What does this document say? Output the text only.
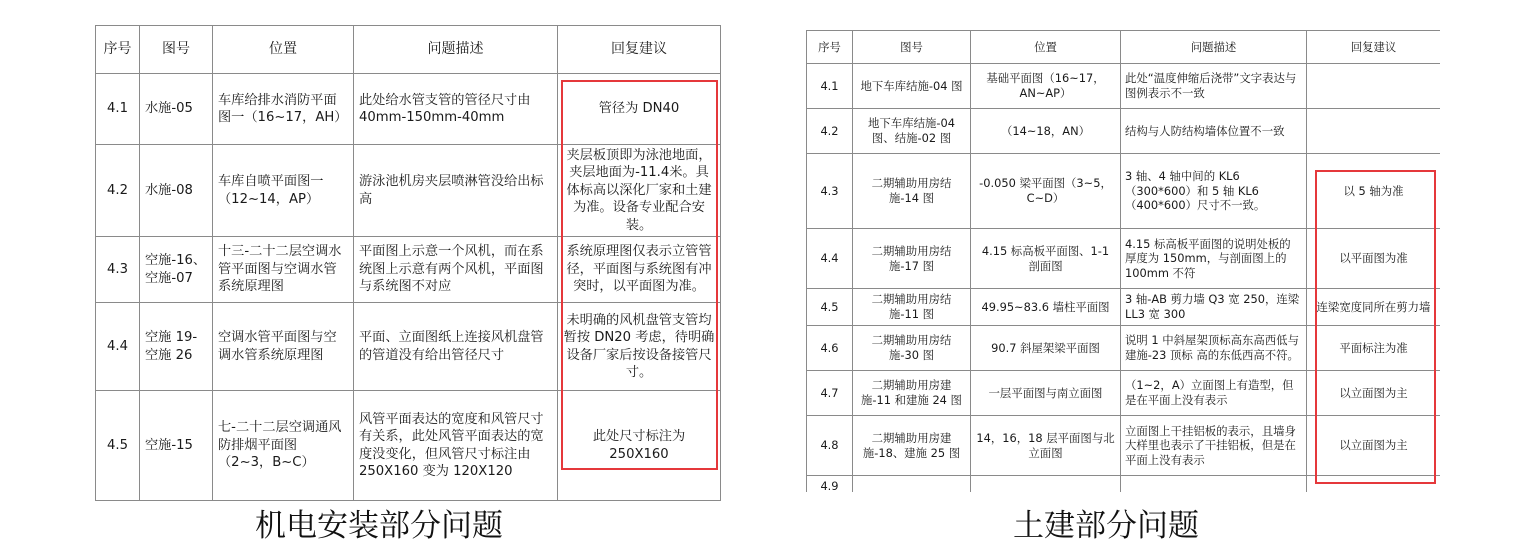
序号	图号	位置	问题描述	回复建议
4.1	水施-05	车库给排水消防平面图一（16~17，AH）	此处给水管支管的管径尺寸由 40mm-150mm-40mm	管径为 DN40
4.2	水施-08	车库自喷平面图一（12~14，AP）	游泳池机房夹层喷淋管没给出标高	夹层板顶即为泳池地面，夹层地面为-11.4米。具体标高以深化厂家和土建为准。设备专业配合安装。
4.3	空施-16、空施-07	十三-二十二层空调水管平面图与空调水管系统原理图	平面图上示意一个风机，而在系统图上示意有两个风机，平面图与系统图不对应	系统原理图仅表示立管管径，平面图与系统图有冲突时，以平面图为准。
4.4	空施 19-空施 26	空调水管平面图与空调水管系统原理图	平面、立面图纸上连接风机盘管的管道没有给出管径尺寸	未明确的风机盘管支管均暂按 DN20 考虑，待明确设备厂家后按设备接管尺寸。
4.5	空施-15	七-二十二层空调通风防排烟平面图（2~3，B~C）	风管平面表达的宽度和风管尺寸有关系，此处风管平面表达的宽度没变化，但风管尺寸标注由 250X160 变为 120X120	此处尺寸标注为 250X160
序号	图号	位置	问题描述	回复建议
4.1	地下车库结施-04 图	基础平面图（16~17，AN~AP）	此处“温度伸缩后浇带”文字表达与图例表示不一致	
4.2	地下车库结施-04 图、结施-02 图	（14~18，AN）	结构与人防结构墙体位置不一致	
4.3	二期辅助用房结施-14 图	-0.050 梁平面图（3~5，C~D）	3 轴、4 轴中间的 KL6（300*600）和 5 轴 KL6（400*600）尺寸不一致。	以 5 轴为准
4.4	二期辅助用房结施-17 图	4.15 标高板平面图、1-1 剖面图	4.15 标高板平面图的说明处板的厚度为 150mm，与剖面图上的 100mm 不符	以平面图为准
4.5	二期辅助用房结施-11 图	49.95~83.6 墙柱平面图	3 轴-AB 剪力墙 Q3 宽 250，连梁 LL3 宽 300	连梁宽度同所在剪力墙
4.6	二期辅助用房结施-30 图	90.7 斜屋架梁平面图	说明 1 中斜屋架顶标高东高西低与建施-23 顶标 高的东低西高不符。	平面标注为准
4.7	二期辅助用房建施-11 和建施 24 图	一层平面图与南立面图	（1~2，A）立面图上有造型，但是在平面上没有表示	以立面图为主
4.8	二期辅助用房建施-18、建施 25 图	14，16，18 层平面图与北立面图	立面图上干挂铝板的表示，且墙身大样里也表示了干挂铝板，但是在平面上没有表示	以立面图为主
4.9				
机电安装部分问题	土建部分问题
